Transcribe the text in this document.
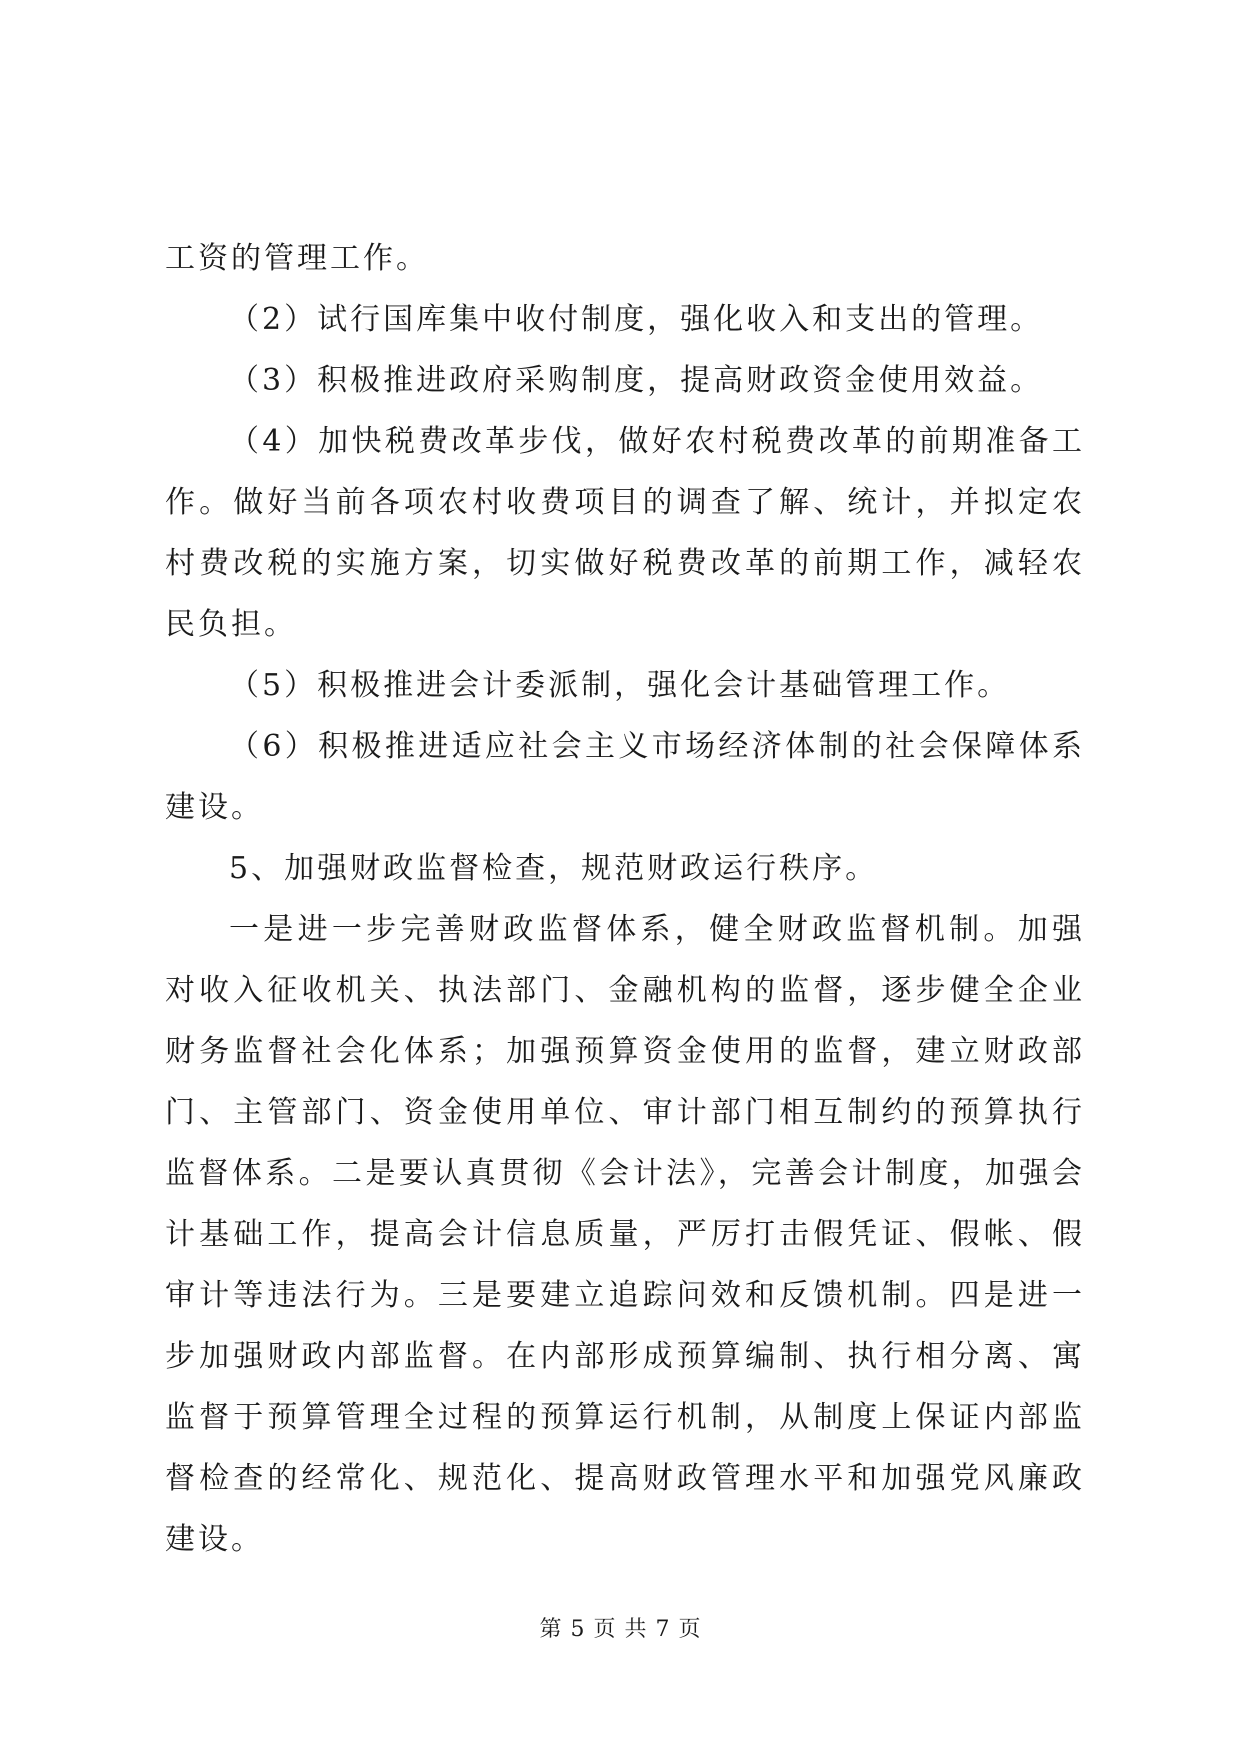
工资的管理工作。

（2）试行国库集中收付制度，强化收入和支出的管理。

（3）积极推进政府采购制度，提高财政资金使用效益。

（4）加快税费改革步伐，做好农村税费改革的前期准备工作。做好当前各项农村收费项目的调查了解、统计，并拟定农村费改税的实施方案，切实做好税费改革的前期工作，减轻农民负担。

（5）积极推进会计委派制，强化会计基础管理工作。

（6）积极推进适应社会主义市场经济体制的社会保障体系建设。

5、加强财政监督检查，规范财政运行秩序。

一是进一步完善财政监督体系，健全财政监督机制。加强对收入征收机关、执法部门、金融机构的监督，逐步健全企业财务监督社会化体系；加强预算资金使用的监督，建立财政部门、主管部门、资金使用单位、审计部门相互制约的预算执行监督体系。二是要认真贯彻《会计法》，完善会计制度，加强会计基础工作，提高会计信息质量，严厉打击假凭证、假帐、假审计等违法行为。三是要建立追踪问效和反馈机制。四是进一步加强财政内部监督。在内部形成预算编制、执行相分离、寓监督于预算管理全过程的预算运行机制，从制度上保证内部监督检查的经常化、规范化、提高财政管理水平和加强党风廉政建设。

第 5 页 共 7 页
